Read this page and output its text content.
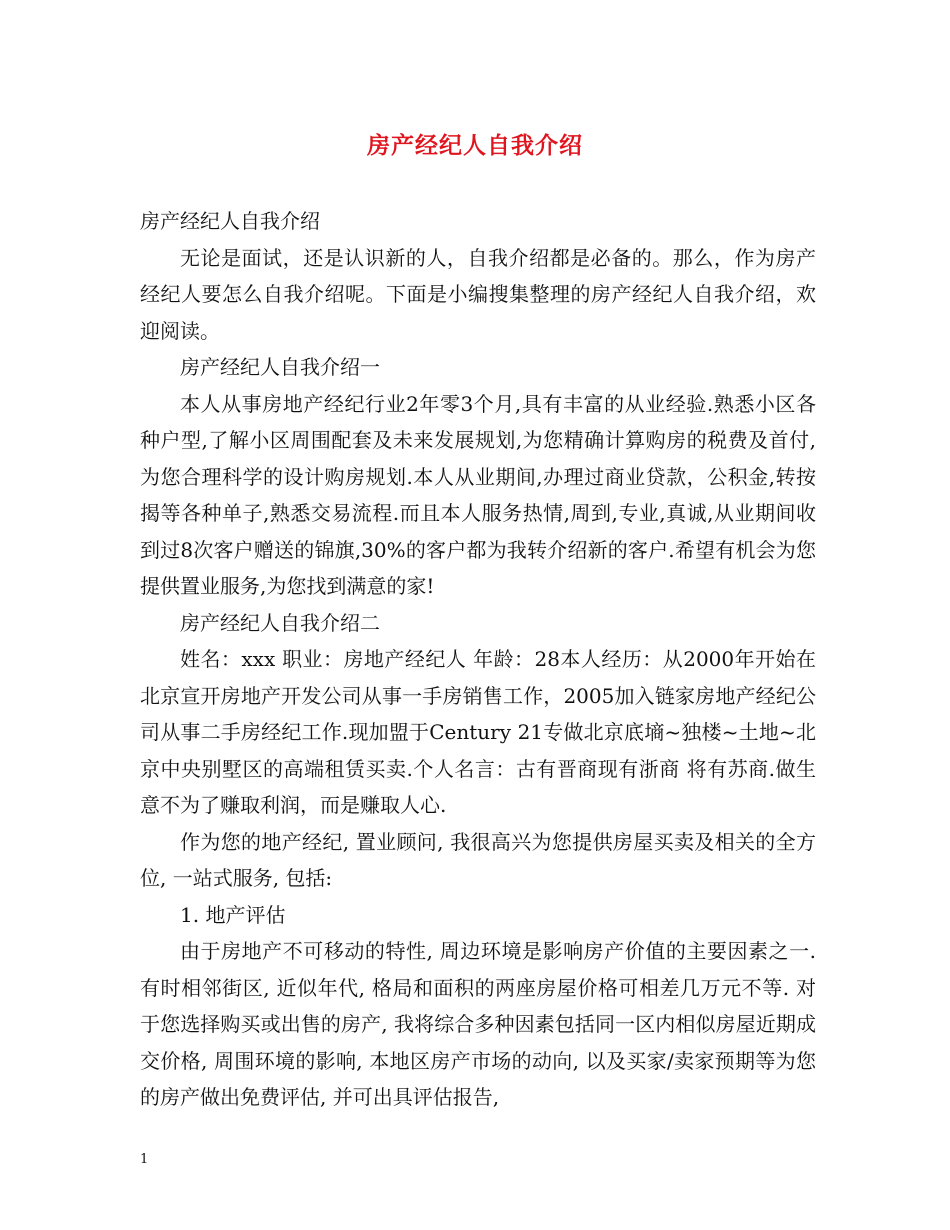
房产经纪人自我介绍

房产经纪人自我介绍

无论是面试，还是认识新的人，自我介绍都是必备的。那么，作为房产经纪人要怎么自我介绍呢。下面是小编搜集整理的房产经纪人自我介绍，欢迎阅读。

房产经纪人自我介绍一

本人从事房地产经纪行业2年零3个月,具有丰富的从业经验.熟悉小区各种户型,了解小区周围配套及未来发展规划,为您精确计算购房的税费及首付,为您合理科学的设计购房规划.本人从业期间,办理过商业贷款，公积金,转按揭等各种单子,熟悉交易流程.而且本人服务热情,周到,专业,真诚,从业期间收到过8次客户赠送的锦旗,30%的客户都为我转介绍新的客户.希望有机会为您提供置业服务,为您找到满意的家!

房产经纪人自我介绍二

姓名：xxx 职业：房地产经纪人 年龄：28本人经历：从2000年开始在北京宣开房地产开发公司从事一手房销售工作，2005加入链家房地产经纪公司从事二手房经纪工作.现加盟于Century 21专做北京底墒~独楼~土地~北京中央别墅区的高端租赁买卖.个人名言：古有晋商现有浙商 将有苏商.做生意不为了赚取利润，而是赚取人心.

作为您的地产经纪, 置业顾问, 我很高兴为您提供房屋买卖及相关的全方位, 一站式服务, 包括:

1. 地产评估

由于房地产不可移动的特性, 周边环境是影响房产价值的主要因素之一. 有时相邻街区, 近似年代, 格局和面积的两座房屋价格可相差几万元不等. 对于您选择购买或出售的房产, 我将综合多种因素包括同一区内相似房屋近期成交价格, 周围环境的影响, 本地区房产市场的动向, 以及买家/卖家预期等为您的房产做出免费评估, 并可出具评估报告,

1
